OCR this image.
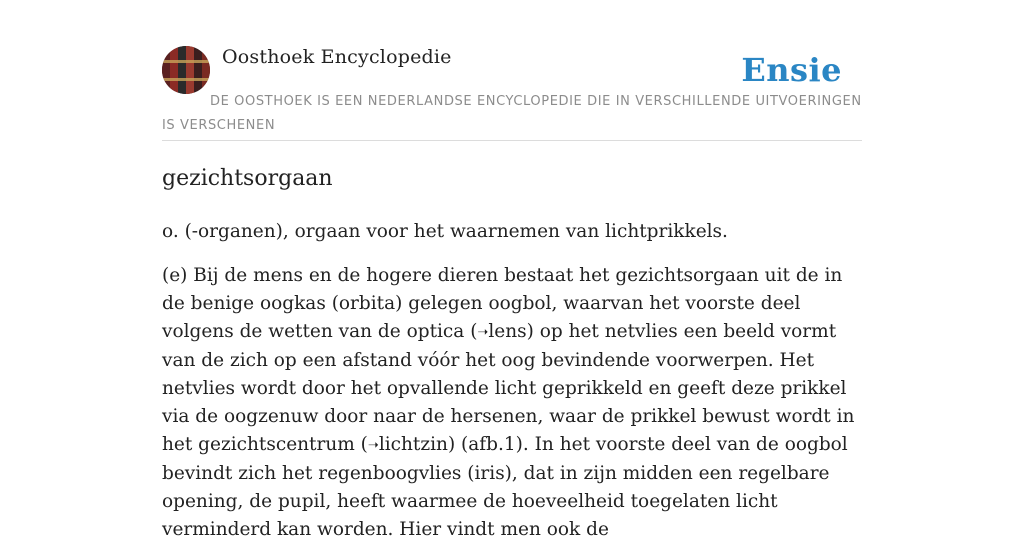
Oosthoek Encyclopedie	Ensie
DE OOSTHOEK IS EEN NEDERLANDSE ENCYCLOPEDIE DIE IN VERSCHILLENDE UITVOERINGEN IS VERSCHENEN
gezichtsorgaan

o. (-organen), orgaan voor het waarnemen van lichtprikkels.

(e) Bij de mens en de hogere dieren bestaat het gezichtsorgaan uit de in de benige oogkas (orbita) gelegen oogbol, waarvan het voorste deel volgens de wetten van de optica (➝lens) op het netvlies een beeld vormt van de zich op een afstand vóór het oog bevindende voorwerpen. Het netvlies wordt door het opvallende licht geprikkeld en geeft deze prikkel via de oogzenuw door naar de hersenen, waar de prikkel bewust wordt in het gezichtscentrum (➝lichtzin) (afb.1). In het voorste deel van de oogbol bevindt zich het regenboogvlies (iris), dat in zijn midden een regelbare opening, de pupil, heeft waarmee de hoeveelheid toegelaten licht verminderd kan worden. Hier vindt men ook de
